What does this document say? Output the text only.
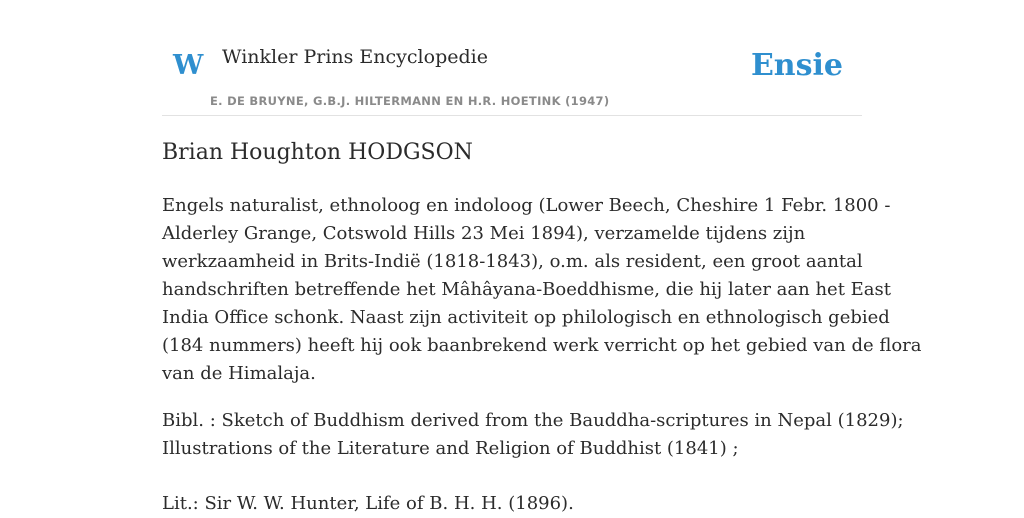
W Winkler Prins Encyclopedie
E. DE BRUYNE, G.B.J. HILTERMANN EN H.R. HOETINK (1947)
Ensie
Brian Houghton HODGSON

Engels naturalist, ethnoloog en indoloog (Lower Beech, Cheshire 1 Febr. 1800 -
Alderley Grange, Cotswold Hills 23 Mei 1894), verzamelde tijdens zijn
werkzaamheid in Brits-Indië (1818-1843), o.m. als resident, een groot aantal
handschriften betreffende het Mâhâyana-Boeddhisme, die hij later aan het East
India Office schonk. Naast zijn activiteit op philologisch en ethnologisch gebied
(184 nummers) heeft hij ook baanbrekend werk verricht op het gebied van de flora
van de Himalaja.

Bibl. : Sketch of Buddhism derived from the Bauddha-scriptures in Nepal (1829);
Illustrations of the Literature and Religion of Buddhist (1841) ;

Lit.: Sir W. W. Hunter, Life of B. H. H. (1896).
